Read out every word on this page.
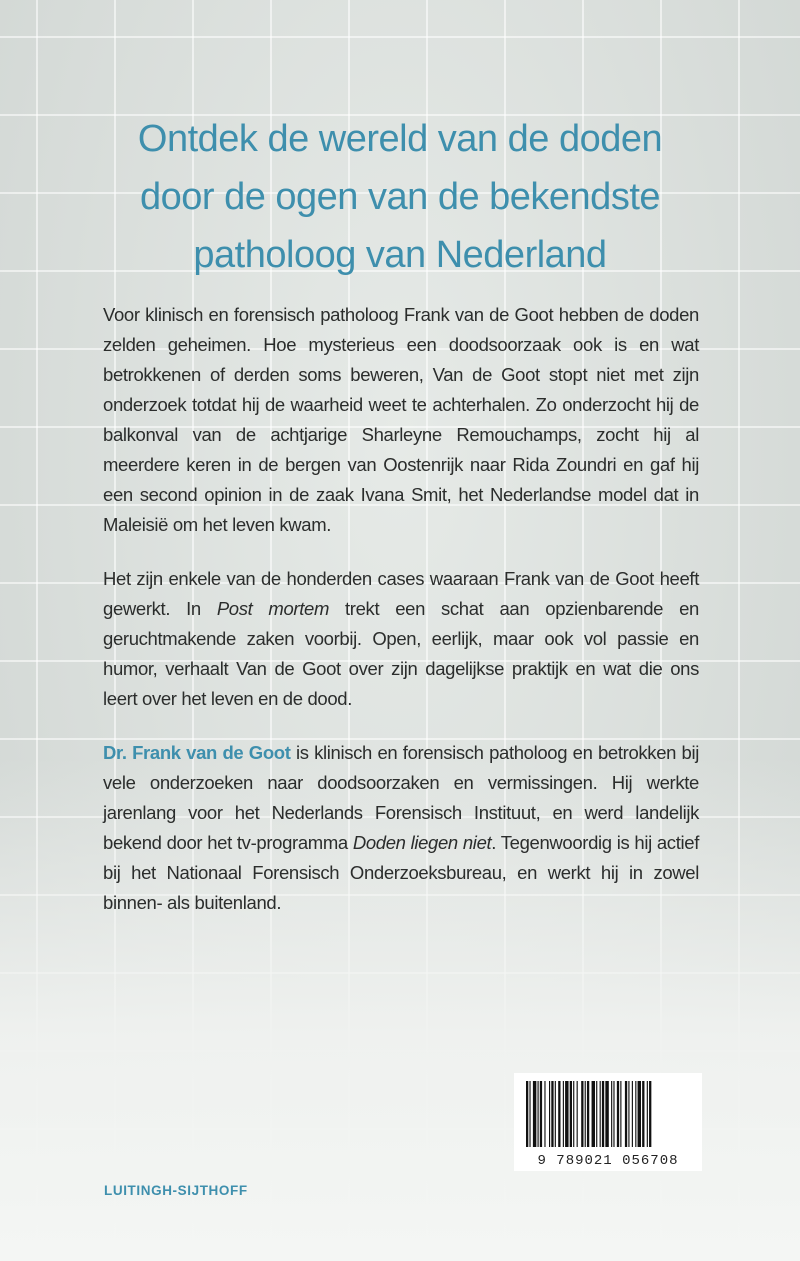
Ontdek de wereld van de doden
door de ogen van de bekendste
patholoog van Nederland

Voor klinisch en forensisch patholoog Frank van de Goot hebben de doden zelden geheimen. Hoe mysterieus een doodsoorzaak ook is en wat betrokkenen of derden soms beweren, Van de Goot stopt niet met zijn onderzoek totdat hij de waarheid weet te achterhalen. Zo onderzocht hij de balkonval van de achtjarige Sharleyne Remouchamps, zocht hij al meerdere keren in de bergen van Oostenrijk naar Rida Zoundri en gaf hij een second opinion in de zaak Ivana Smit, het Nederlandse model dat in Maleisië om het leven kwam.

Het zijn enkele van de honderden cases waaraan Frank van de Goot heeft gewerkt. In Post mortem trekt een schat aan opzienbarende en geruchtmakende zaken voorbij. Open, eerlijk, maar ook vol passie en humor, verhaalt Van de Goot over zijn dagelijkse praktijk en wat die ons leert over het leven en de dood.

Dr. Frank van de Goot is klinisch en forensisch patholoog en betrokken bij vele onderzoeken naar doodsoorzaken en vermissingen. Hij werkte jarenlang voor het Nederlands Forensisch Instituut, en werd landelijk bekend door het tv-programma Doden liegen niet. Tegenwoordig is hij actief bij het Nationaal Forensisch Onderzoeksbureau, en werkt hij in zowel binnen- als buitenland.

9 789021 056708
LUITINGH-SIJTHOFF
